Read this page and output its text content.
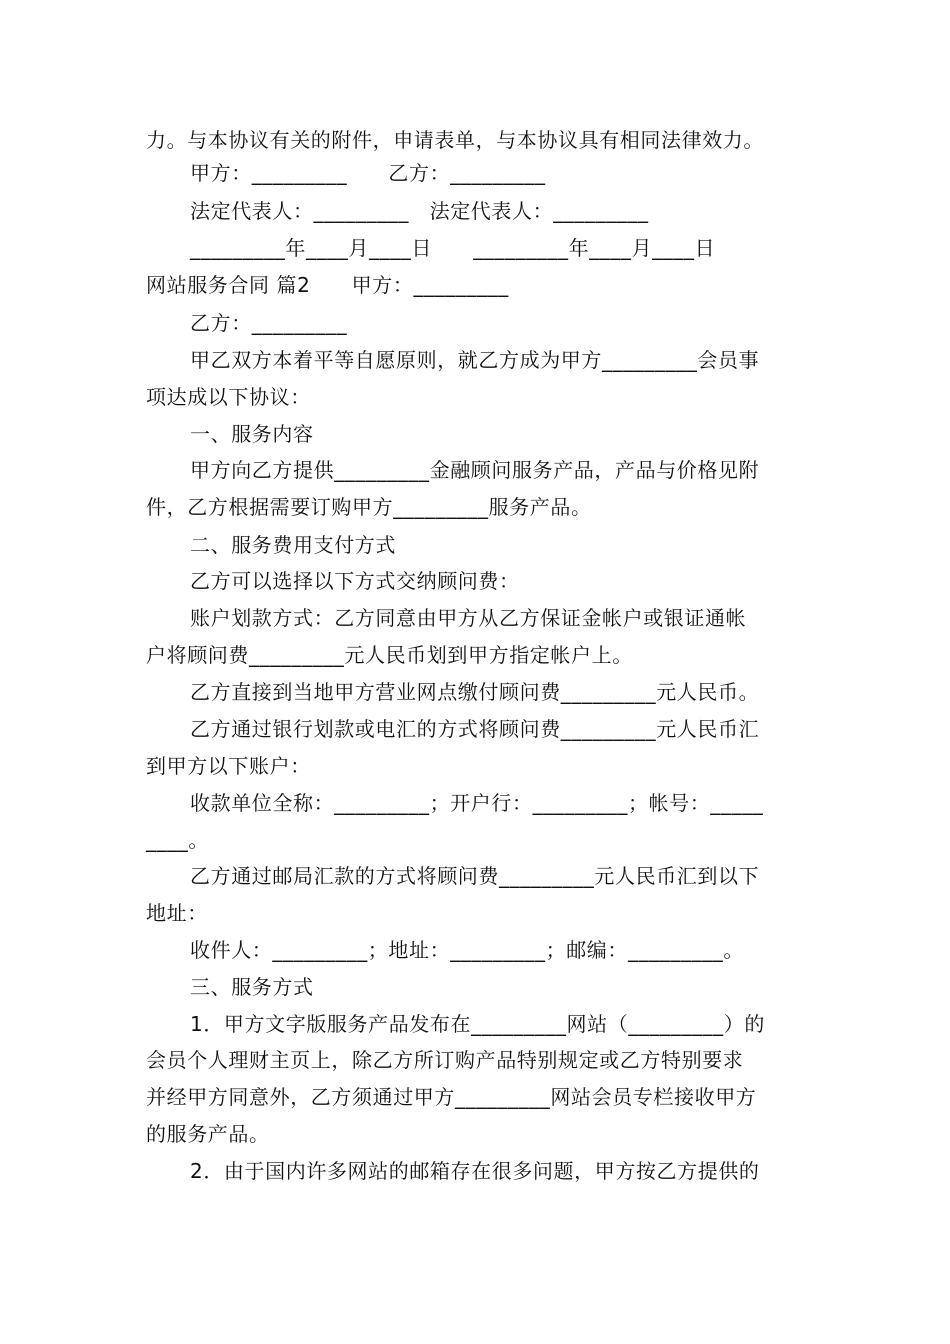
力。与本协议有关的附件，申请表单，与本协议具有相同法律效力。

甲方：_________　　乙方：_________

法定代表人：_________　法定代表人：_________

_________年____月____日　　_________年____月____日

网站服务合同 篇2　　甲方：_________

乙方：_________

甲乙双方本着平等自愿原则，就乙方成为甲方_________会员事

项达成以下协议：

一、服务内容

甲方向乙方提供_________金融顾问服务产品，产品与价格见附

件，乙方根据需要订购甲方_________服务产品。

二、服务费用支付方式

乙方可以选择以下方式交纳顾问费：

账户划款方式：乙方同意由甲方从乙方保证金帐户或银证通帐

户将顾问费_________元人民币划到甲方指定帐户上。

乙方直接到当地甲方营业网点缴付顾问费_________元人民币。

乙方通过银行划款或电汇的方式将顾问费_________元人民币汇

到甲方以下账户：

收款单位全称：_________；开户行：_________；帐号：_____

____。

乙方通过邮局汇款的方式将顾问费_________元人民币汇到以下

地址：

收件人：_________；地址：_________；邮编：_________。

三、服务方式

1．甲方文字版服务产品发布在_________网站（_________）的

会员个人理财主页上，除乙方所订购产品特别规定或乙方特别要求

并经甲方同意外，乙方须通过甲方_________网站会员专栏接收甲方

的服务产品。

2．由于国内许多网站的邮箱存在很多问题，甲方按乙方提供的
